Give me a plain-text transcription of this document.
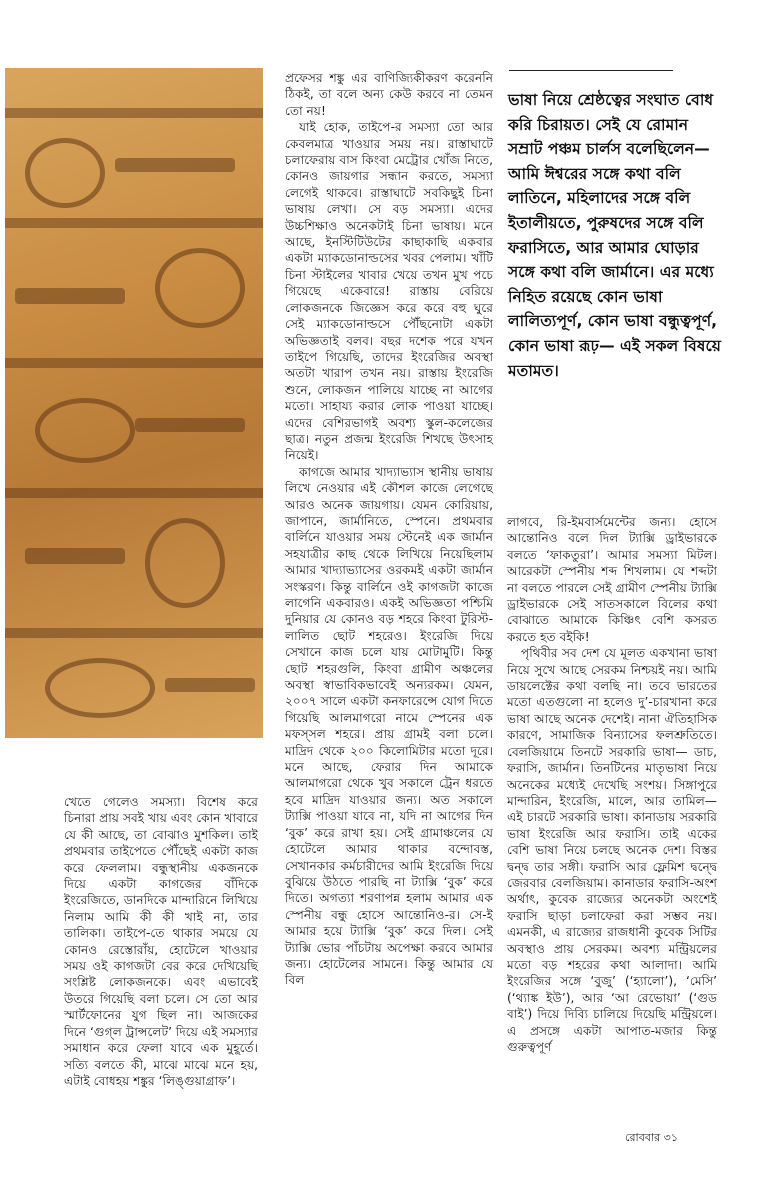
খেতে গেলেও সমস্যা। বিশেষ করে চিনারা প্রায় সবই খায় এবং কোন খাবারে যে কী আছে, তা বোঝাও মুশকিল। তাই প্রথমবার তাইপেতে পৌঁছেই একটা কাজ করে ফেললাম। বন্ধুস্থানীয় একজনকে দিয়ে একটা কাগজের বাঁদিকে ইংরেজিতে, ডানদিকে মান্দারিনে লিখিয়ে নিলাম আমি কী কী খাই না, তার তালিকা। তাইপে-তে থাকার সময়ে যে কোনও রেস্তোরাঁয়, হোটেলে খাওয়ার সময় ওই কাগজটা বের করে দেখিয়েছি সংশ্লিষ্ট লোকজনকে। এবং এভাবেই উতরে গিয়েছি বলা চলে। সে তো আর স্মার্টফোনের যুগ ছিল না। আজকের দিনে ‘গুগ্‌ল ট্রান্সলেট’ দিয়ে এই সমস্যার সমাধান করে ফেলা যাবে এক মুহূর্তে। সত্যি বলতে কী, মাঝে মাঝে মনে হয়, এটাই বোধহয় শঙ্কুর ‘লিঙ্গুয়াগ্রাফ’।

প্রফেসর শঙ্কু এর বাণিজ্যিকীকরণ করেননি ঠিকই, তা বলে অন্য কেউ করবে না তেমন তো নয়!

যাই হোক, তাইপে-র সমস্যা তো আর কেবলমাত্র খাওয়ার সময় নয়। রাস্তাঘাটে চলাফেরায় বাস কিংবা মেট্রোর খোঁজ নিতে, কোনও জায়গার সন্ধান করতে, সমস্যা লেগেই থাকবে। রাস্তাঘাটে সবকিছুই চিনা ভাষায় লেখা। সে বড় সমস্যা। এদের উচ্চশিক্ষাও অনেকটাই চিনা ভাষায়। মনে আছে, ইনস্টিটিউটের কাছাকাছি একবার একটা ম্যাকডোনাল্ডসের খবর পেলাম। খাঁটি চিনা স্টাইলের খাবার খেয়ে তখন মুখ পচে গিয়েছে একেবারে! রাস্তায় বেরিয়ে লোকজনকে জিজ্ঞেস করে করে বহু ঘুরে সেই ম্যাকডোনাল্ডসে পৌঁছনোটা একটা অভিজ্ঞতাই বলব। বছর দশেক পরে যখন তাইপে গিয়েছি, তাদের ইংরেজির অবস্থা অতটা খারাপ তখন নয়। রাস্তায় ইংরেজি শুনে, লোকজন পালিয়ে যাচ্ছে না আগের মতো। সাহায্য করার লোক পাওয়া যাচ্ছে। এদের বেশিরভাগই অবশ্য স্কুল-কলেজের ছাত্র। নতুন প্রজন্ম ইংরেজি শিখছে উৎসাহ নিয়েই।

কাগজে আমার খাদ্যাভ্যাস স্থানীয় ভাষায় লিখে নেওয়ার এই কৌশল কাজে লেগেছে আরও অনেক জায়গায়। যেমন কোরিয়ায়, জাপানে, জার্মানিতে, স্পেনে। প্রথমবার বার্লিনে যাওয়ার সময় স্টেনেই এক জার্মান সহযাত্রীর কাছ থেকে লিখিয়ে নিয়েছিলাম আমার খাদ্যাভ্যাসের ওরকমই একটা জার্মান সংস্করণ। কিন্তু বার্লিনে ওই কাগজটা কাজে লাগেনি একবারও। একই অভিজ্ঞতা পশ্চিমি দুনিয়ার যে কোনও বড় শহরে কিংবা টুরিস্ট-লালিত ছোট শহরেও। ইংরেজি দিয়ে সেখানে কাজ চলে যায় মোটামুটি। কিন্তু ছোট শহরগুলি, কিংবা গ্রামীণ অঞ্চলের অবস্থা স্বাভাবিকভাবেই অন্যরকম। যেমন, ২০০৭ সালে একটা কনফারেন্সে যোগ দিতে গিয়েছি আলমাগরো নামে স্পেনের এক মফস্সল শহরে। প্রায় গ্রামই বলা চলে। মাদ্রিদ থেকে ২০০ কিলোমিটার মতো দূরে। মনে আছে, ফেরার দিন আমাকে আলমাগরো থেকে খুব সকালে ট্রেন ধরতে হবে মাদ্রিদ যাওয়ার জন্য। অত সকালে ট্যাক্সি পাওয়া যাবে না, যদি না আগের দিন ‘বুক’ করে রাখা হয়। সেই গ্রামাঞ্চলের যে হোটেলে আমার থাকার বন্দোবস্ত, সেখানকার কর্মচারীদের আমি ইংরেজি দিয়ে বুঝিয়ে উঠতে পারছি না ট্যাক্সি ‘বুক’ করে দিতে। অগত্যা শরণাপন্ন হলাম আমার এক স্পেনীয় বন্ধু হোসে আন্তোনিও-র। সে-ই আমার হয়ে ট্যাক্সি ‘বুক’ করে দিল। সেই ট্যাক্সি ভোর পাঁচটায় অপেক্ষা করবে আমার জন্য। হোটেলের সামনে। কিন্তু আমার যে বিল

ভাষা নিয়ে শ্রেষ্ঠত্বের সংঘাত বোধ করি চিরায়ত। সেই যে রোমান সম্রাট পঞ্চম চার্লস বলেছিলেন— আমি ঈশ্বরের সঙ্গে কথা বলি লাতিনে, মহিলাদের সঙ্গে বলি ইতালীয়তে, পুরুষদের সঙ্গে বলি ফরাসিতে, আর আমার ঘোড়ার সঙ্গে কথা বলি জার্মানে। এর মধ্যে নিহিত রয়েছে কোন ভাষা লালিত্যপূর্ণ, কোন ভাষা বন্ধুত্বপূর্ণ, কোন ভাষা রূঢ়— এই সকল বিষয়ে মতামত।

লাগবে, রি-ইমবার্সমেন্টের জন্য। হোসে আন্তোনিও বলে দিল ট্যাক্সি ড্রাইভারকে বলতে ‘ফাকতুরা’। আমার সমস্যা মিটল। আরেকটা স্পেনীয় শব্দ শিখলাম। যে শব্দটা না বলতে পারলে সেই গ্রামীণ স্পেনীয় ট্যাক্সি ড্রাইভারকে সেই সাতসকালে বিলের কথা বোঝাতে আমাকে কিঞ্চিৎ বেশি কসরত করতে হত বইকি!

পৃথিবীর সব দেশ যে মূলত একখানা ভাষা নিয়ে সুখে আছে সেরকম নিশ্চয়ই নয়। আমি ডায়লেক্টের কথা বলছি না। তবে ভারতের মতো এতগুলো না হলেও দু’-চারখানা করে ভাষা আছে অনেক দেশেই। নানা ঐতিহাসিক কারণে, সামাজিক বিন্যাসের ফলশ্রুতিতে। বেলজিয়ামে তিনটে সরকারি ভাষা— ডাচ, ফরাসি, জার্মান। তিনটিনের মাতৃভাষা নিয়ে অনেকের মধ্যেই দেখেছি সংশয়। সিঙ্গাপুরে মান্দারিন, ইংরেজি, মালে, আর তামিল— এই চারটে সরকারি ভাষা। কানাডায় সরকারি ভাষা ইংরেজি আর ফরাসি। তাই একের বেশি ভাষা নিয়ে চলছে অনেক দেশ। বিস্তর দ্বন্দ্ব তার সঙ্গী। ফরাসি আর ফ্লেমিশ দ্বন্দ্বে জেরবার বেলজিয়াম। কানাডার ফরাসি-অংশ অর্থাৎ, কুবেক রাজ্যের অনেকটা অংশেই ফরাসি ছাড়া চলাফেরা করা সম্ভব নয়। এমনকী, এ রাজ্যের রাজধানী কুবেক সিটির অবস্থাও প্রায় সেরকম। অবশ্য মন্ট্রিয়লের মতো বড় শহরের কথা আলাদা। আমি ইংরেজির সঙ্গে ‘বুজু’ (‘হ্যালো’), ‘মেসি’ (‘থ্যাঙ্ক ইউ’), আর ‘আ রেভোয়া’ (‘গুড বাই’) দিয়ে দিব্যি চালিয়ে দিয়েছি মন্ট্রিয়লে। এ প্রসঙ্গে একটা আপাত-মজার কিন্তু গুরুত্বপূর্ণ

রোববার ৩১
